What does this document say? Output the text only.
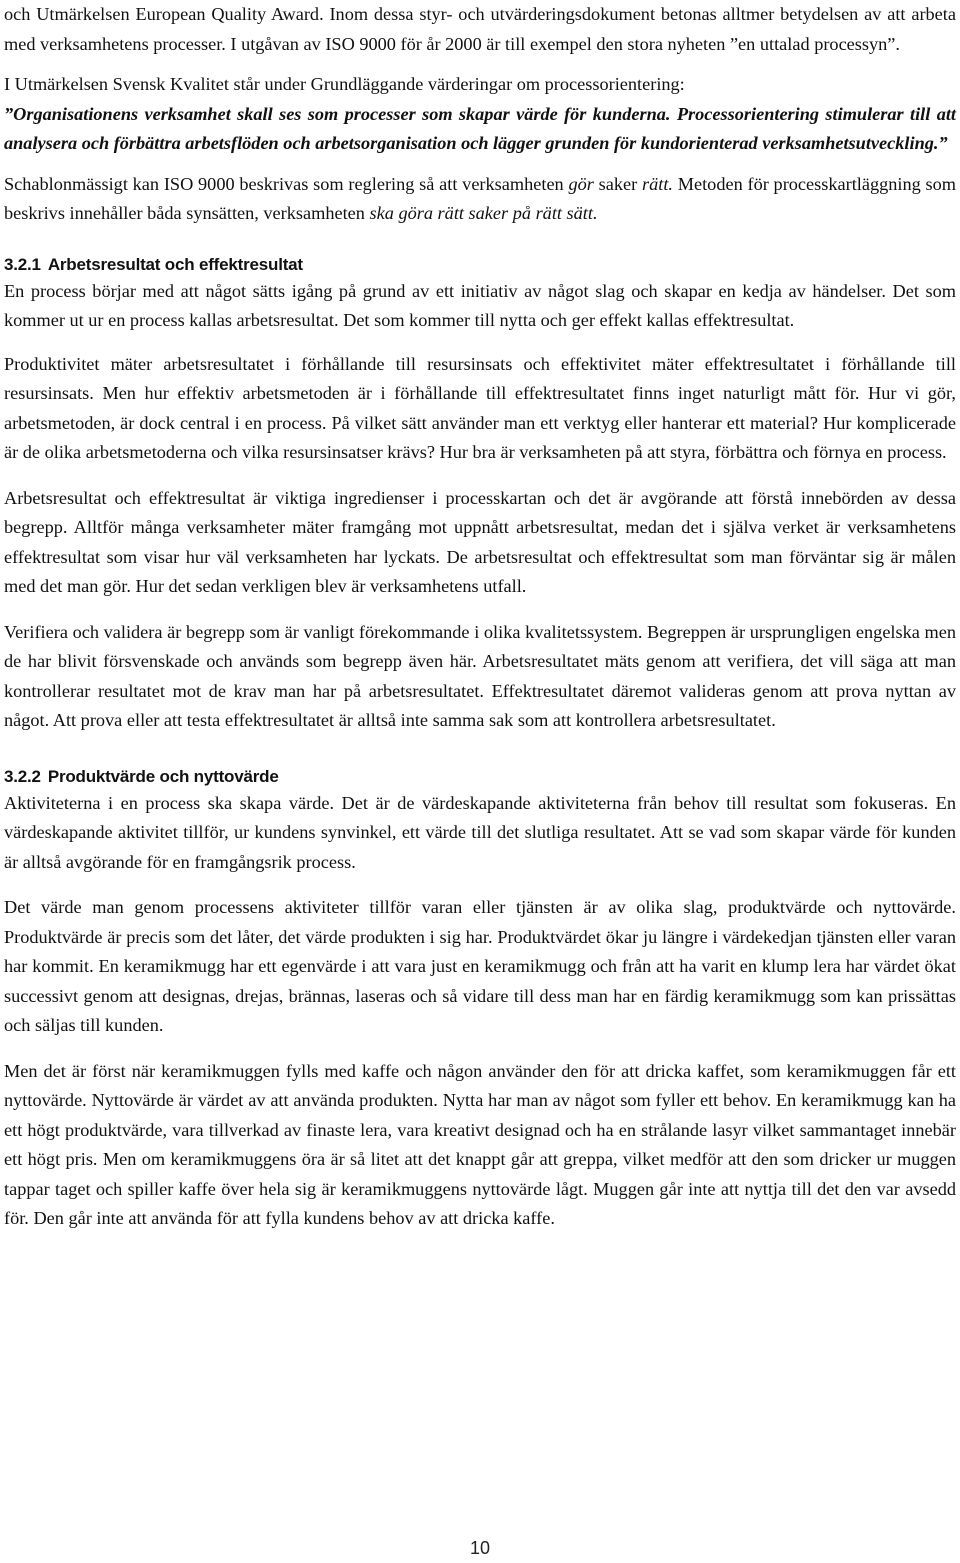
och Utmärkelsen European Quality Award. Inom dessa styr- och utvärderingsdokument betonas alltmer betydelsen av att arbeta med verksamhetens processer. I utgåvan av ISO 9000 för år 2000 är till exempel den stora nyheten ”en uttalad processyn”.

I Utmärkelsen Svensk Kvalitet står under Grundläggande värderingar om processorientering:
”Organisationens verksamhet skall ses som processer som skapar värde för kunderna. Processorientering stimulerar till att analysera och förbättra arbetsflöden och arbetsorganisation och lägger grunden för kundorienterad verksamhetsutveckling.”

Schablonmässigt kan ISO 9000 beskrivas som reglering så att verksamheten gör saker rätt. Metoden för processkartläggning som beskrivs innehåller båda synsätten, verksamheten ska göra rätt saker på rätt sätt.

3.2.1 Arbetsresultat och effektresultat

En process börjar med att något sätts igång på grund av ett initiativ av något slag och skapar en kedja av händelser. Det som kommer ut ur en process kallas arbetsresultat. Det som kommer till nytta och ger effekt kallas effektresultat.

Produktivitet mäter arbetsresultatet i förhållande till resursinsats och effektivitet mäter effektresultatet i förhållande till resursinsats. Men hur effektiv arbetsmetoden är i förhållande till effektresultatet finns inget naturligt mått för. Hur vi gör, arbetsmetoden, är dock central i en process. På vilket sätt använder man ett verktyg eller hanterar ett material? Hur komplicerade är de olika arbetsmetoderna och vilka resursinsatser krävs? Hur bra är verksamheten på att styra, förbättra och förnya en process.

Arbetsresultat och effektresultat är viktiga ingredienser i processkartan och det är avgörande att förstå innebörden av dessa begrepp. Alltför många verksamheter mäter framgång mot uppnått arbetsresultat, medan det i själva verket är verksamhetens effektresultat som visar hur väl verksamheten har lyckats. De arbetsresultat och effektresultat som man förväntar sig är målen med det man gör. Hur det sedan verkligen blev är verksamhetens utfall.

Verifiera och validera är begrepp som är vanligt förekommande i olika kvalitetssystem. Begreppen är ursprungligen engelska men de har blivit försvenskade och används som begrepp även här. Arbetsresultatet mäts genom att verifiera, det vill säga att man kontrollerar resultatet mot de krav man har på arbetsresultatet. Effektresultatet däremot valideras genom att prova nyttan av något. Att prova eller att testa effektresultatet är alltså inte samma sak som att kontrollera arbetsresultatet.

3.2.2 Produktvärde och nyttovärde

Aktiviteterna i en process ska skapa värde. Det är de värdeskapande aktiviteterna från behov till resultat som fokuseras. En värdeskapande aktivitet tillför, ur kundens synvinkel, ett värde till det slutliga resultatet. Att se vad som skapar värde för kunden är alltså avgörande för en framgångsrik process.

Det värde man genom processens aktiviteter tillför varan eller tjänsten är av olika slag, produktvärde och nyttovärde. Produktvärde är precis som det låter, det värde produkten i sig har. Produktvärdet ökar ju längre i värdekedjan tjänsten eller varan har kommit. En keramikmugg har ett egenvärde i att vara just en keramikmugg och från att ha varit en klump lera har värdet ökat successivt genom att designas, drejas, brännas, laseras och så vidare till dess man har en färdig keramikmugg som kan prissättas och säljas till kunden.

Men det är först när keramikmuggen fylls med kaffe och någon använder den för att dricka kaffet, som keramikmuggen får ett nyttovärde. Nyttovärde är värdet av att använda produkten. Nytta har man av något som fyller ett behov. En keramikmugg kan ha ett högt produktvärde, vara tillverkad av finaste lera, vara kreativt designad och ha en strålande lasyr vilket sammantaget innebär ett högt pris. Men om keramikmuggens öra är så litet att det knappt går att greppa, vilket medför att den som dricker ur muggen tappar taget och spiller kaffe över hela sig är keramikmuggens nyttovärde lågt. Muggen går inte att nyttja till det den var avsedd för. Den går inte att använda för att fylla kundens behov av att dricka kaffe.

10
